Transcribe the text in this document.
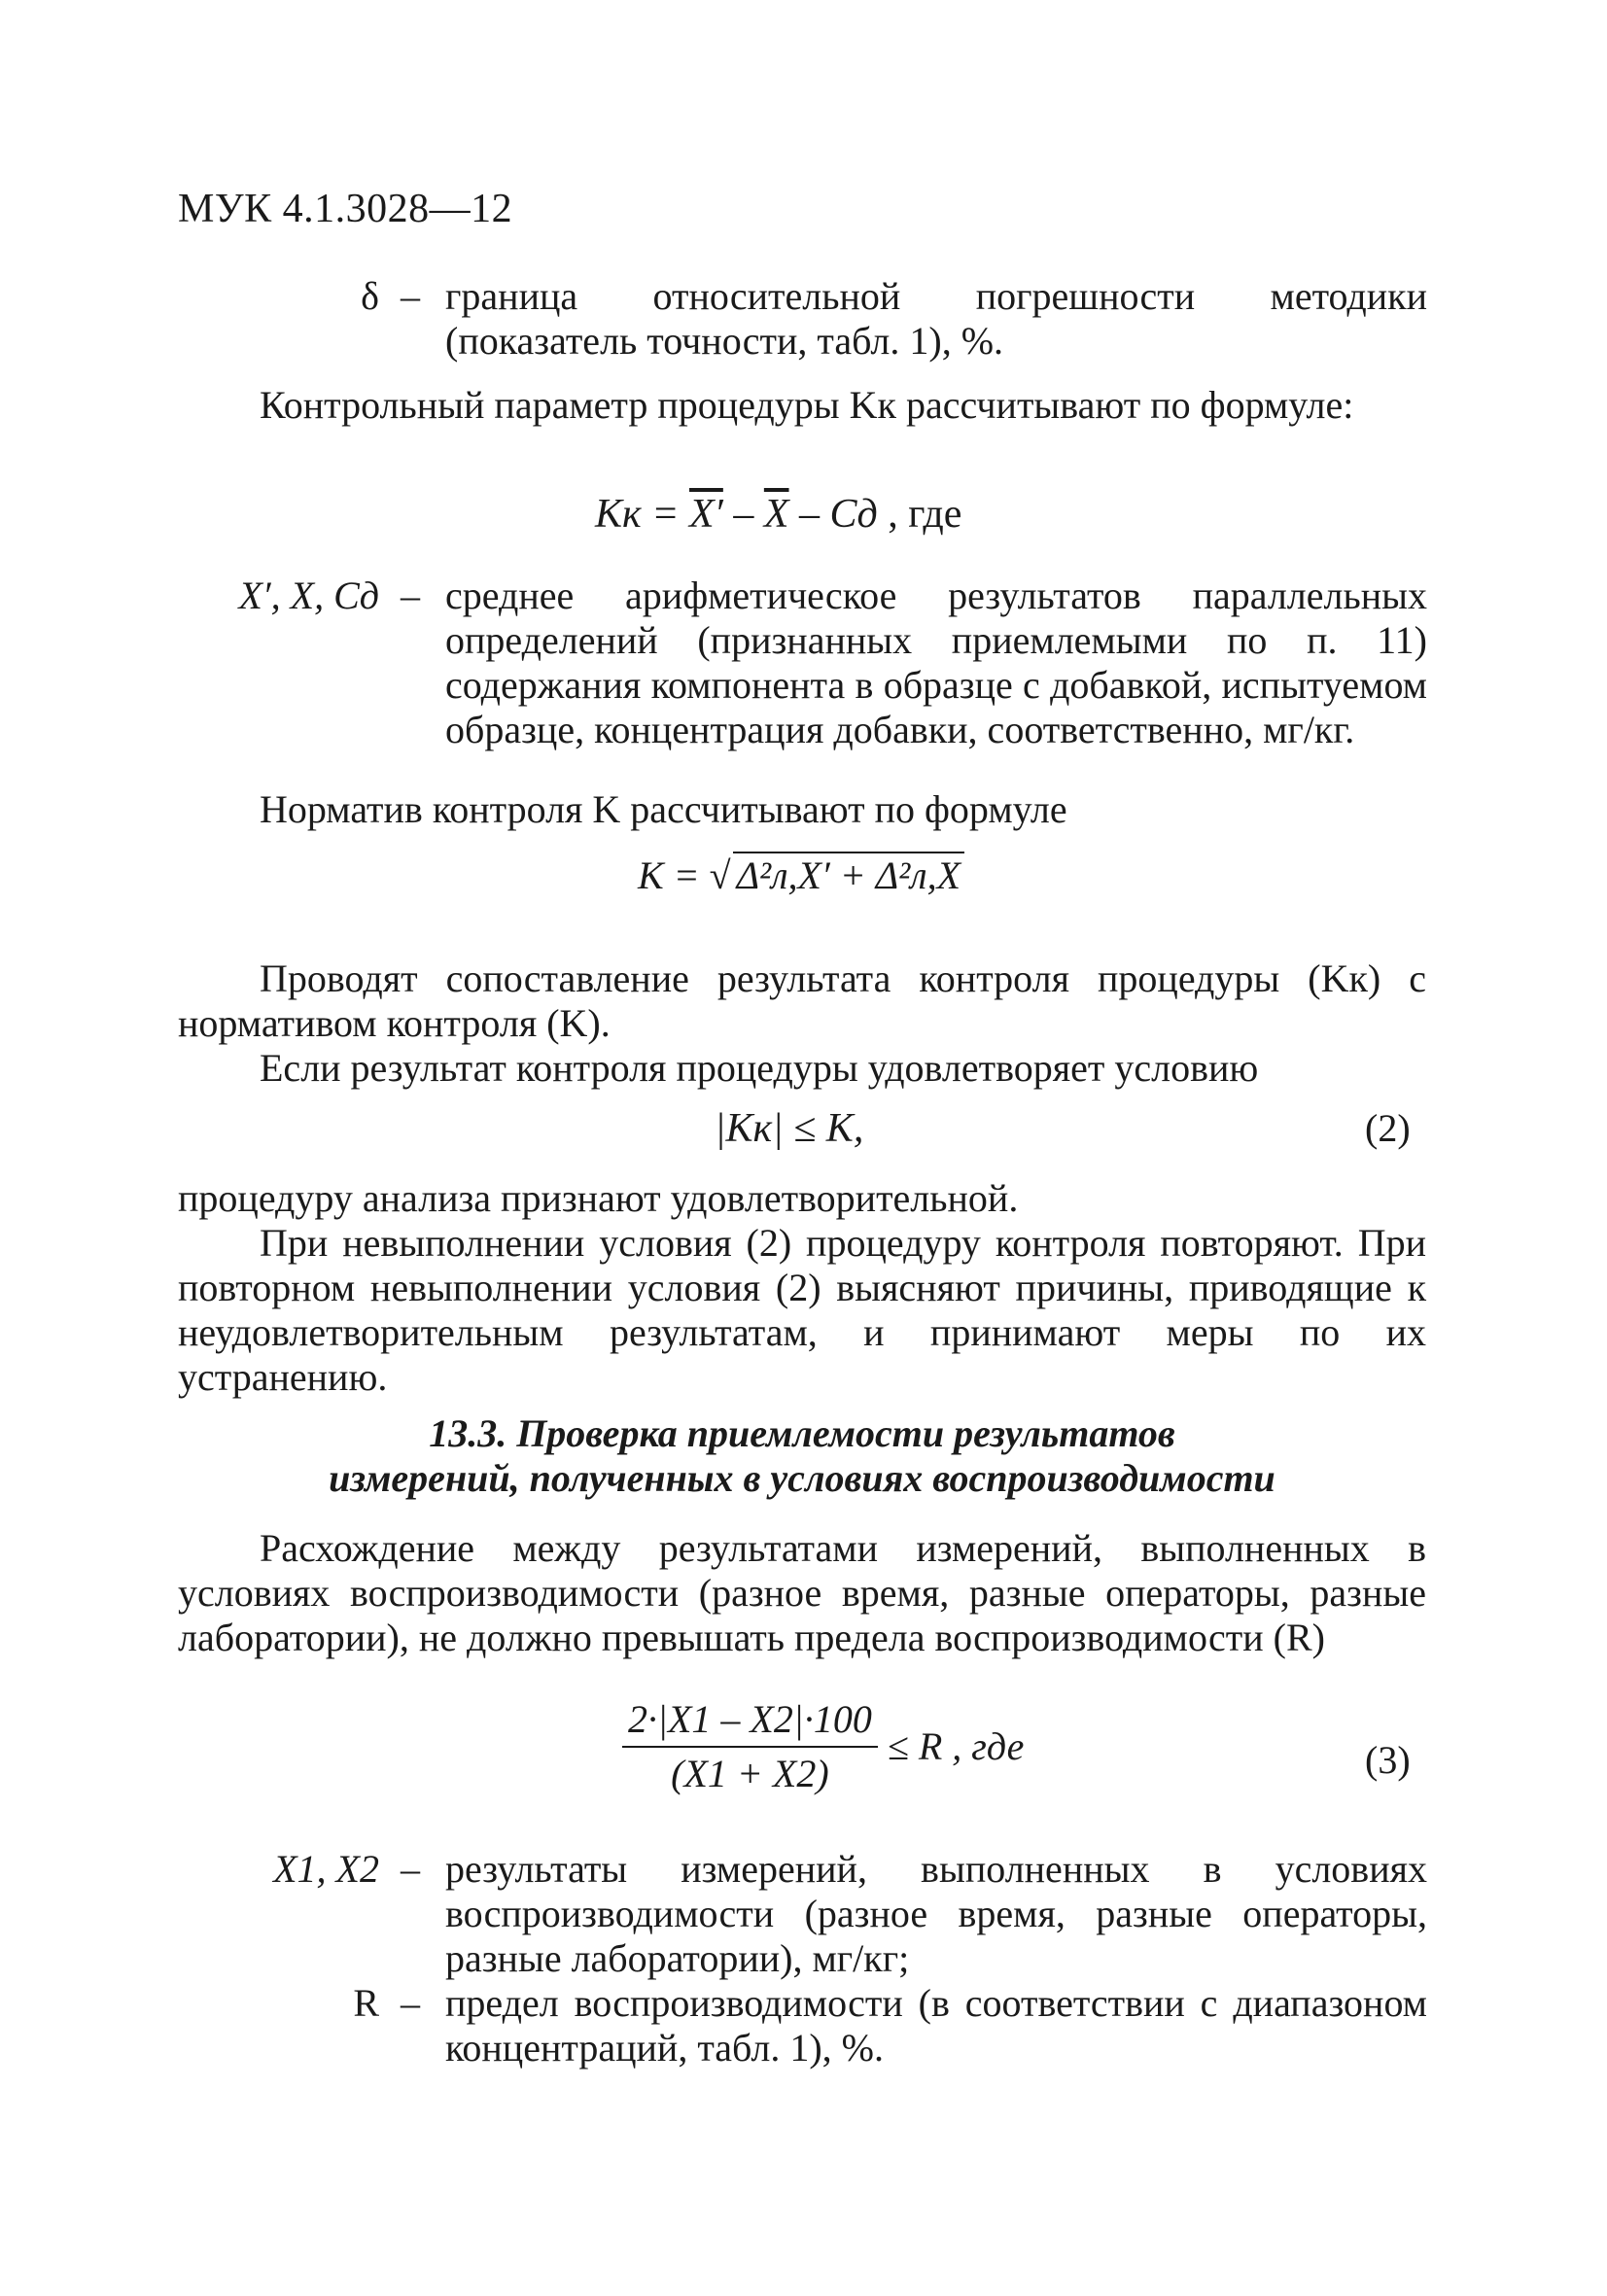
МУК 4.1.3028—12
δ – граница относительной погрешности методики (показатель точности, табл. 1), %.
Контрольный параметр процедуры Kк рассчитывают по формуле:
Kк = $X' - \overline{X}$ – Cд , где
X′, X, Cд – среднее арифметическое результатов параллельных определений (признанных приемлемыми по п. 11) содержания компонента в образце с добавкой, испытуемом образце, концентрация добавки, соответственно, мг/кг.
Норматив контроля K рассчитывают по формуле
K = √ Δ²л,X′ + Δ²л,X
Проводят сопоставление результата контроля процедуры (Kк) с нормативом контроля (K).
Если результат контроля процедуры удовлетворяет условию
|Kк| ≤ K,	(2)
процедуру анализа признают удовлетворительной.
При невыполнении условия (2) процедуру контроля повторяют. При повторном невыполнении условия (2) выясняют причины, приводящие к неудовлетворительным результатам, и принимают меры по их устранению.
13.3. Проверка приемлемости результатов
измерений, полученных в условиях воспроизводимости
Расхождение между результатами измерений, выполненных в условиях воспроизводимости (разное время, разные операторы, разные лаборатории), не должно превышать предела воспроизводимости (R)
$\frac{2\cdot|X1 - X2|\cdot 100}{(X1 + X2)} \le R$ , где	(3)
X1, X2 – результаты измерений, выполненных в условиях воспроизводимости (разное время, разные операторы, разные лаборатории), мг/кг;
R – предел воспроизводимости (в соответствии с диапазоном концентраций, табл. 1), %.
